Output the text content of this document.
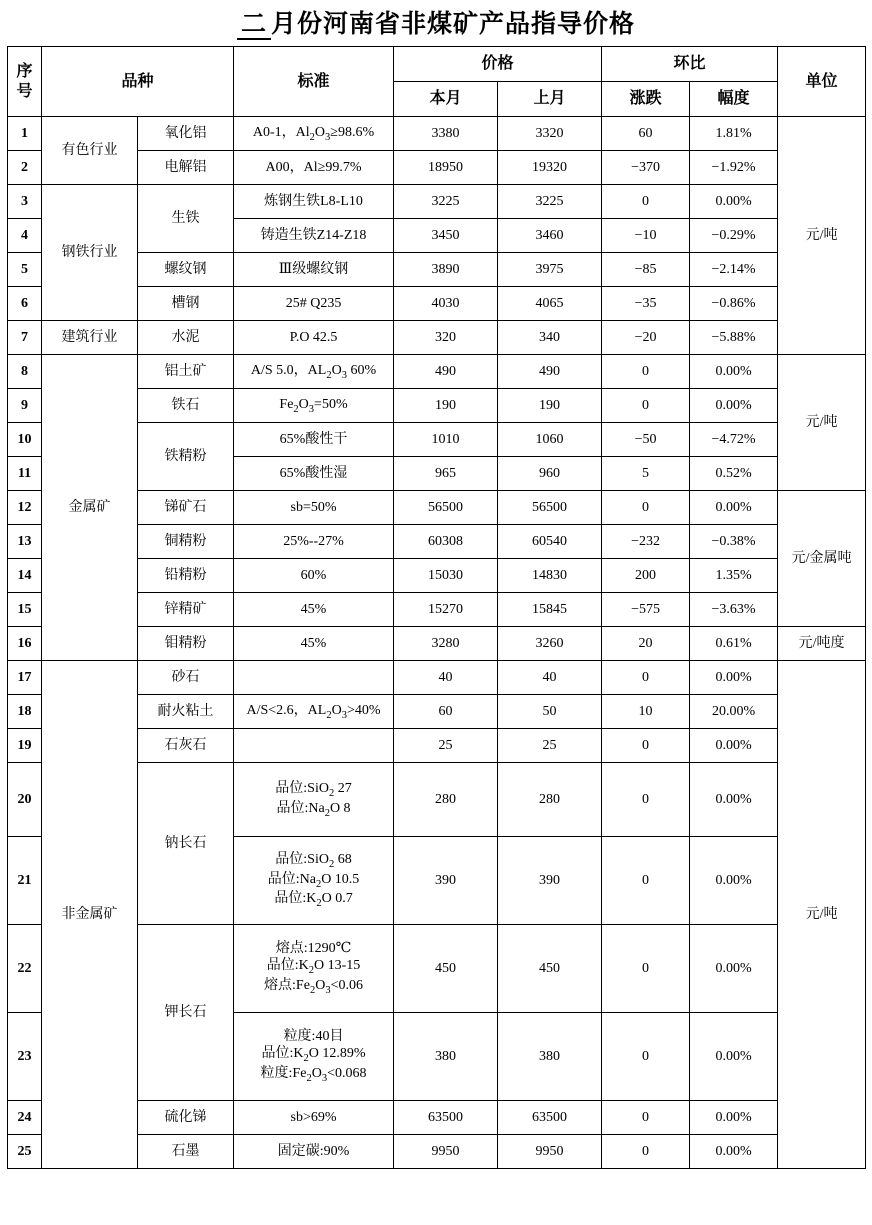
二 月份河南省非煤矿产品指导价格
序号	品种		标准	价格		环比		单位
				本月	上月	涨跌	幅度	
1	有色行业	氧化铝	A0-1，$Al_2O_3\ge 98.6\%$	3380	3320	60	1.81%	元/吨
2		电解铝	A00，Al≥99.7%	18950	19320	−370	−1.92%	
3	钢铁行业	生铁	炼钢生铁L8-L10	3225	3225	0	0.00%	
4			铸造生铁Z14-Z18	3450	3460	−10	−0.29%	
5		螺纹钢	Ⅲ级螺纹钢	3890	3975	−85	−2.14%	
6		槽钢	25# Q235	4030	4065	−35	−0.86%	
7	建筑行业	水泥	P.O 42.5	320	340	−20	−5.88%	
8	金属矿	铝土矿	A/S 5.0，$AL_2O_3$ 60%	490	490	0	0.00%	元/吨
9		铁石	$Fe_2O_3=50\%$	190	190	0	0.00%	
10		铁精粉	65%酸性干	1010	1060	−50	−4.72%	
11			65%酸性湿	965	960	5	0.52%	
12		锑矿石	sb=50%	56500	56500	0	0.00%	元/金属吨
13		铜精粉	25%--27%	60308	60540	−232	−0.38%	
14		铅精粉	60%	15030	14830	200	1.35%	
15		锌精矿	45%	15270	15845	−575	−3.63%	
16		钼精粉	45%	3280	3260	20	0.61%	元/吨度
17	非金属矿	砂石		40	40	0	0.00%	元/吨
18		耐火粘土	A/S<2.6，$AL_2O_3>40\%$	60	50	10	20.00%	
19		石灰石		25	25	0	0.00%	
20		钠长石	品位:SiO$_2$ 27
品位$:Na_2O$ 8	280	280	0	0.00%	
21			品位:SiO$_2$ 68
品位$:Na_2O$ 10.5
品位$:K_2O$ 0.7	390	390	0	0.00%	
22		钾长石	熔点:1290℃
品位$:K_2O$ 13-15
熔点$:Fe_2O_3<0.06$	450	450	0	0.00%	
23			粒度:40目
品位$:K_2O$ 12.89%
粒度$:Fe_2O_3<0.068$	380	380	0	0.00%	
24		硫化锑	sb>69%	63500	63500	0	0.00%	
25		石墨	固定碳:90%	9950	9950	0	0.00%	
